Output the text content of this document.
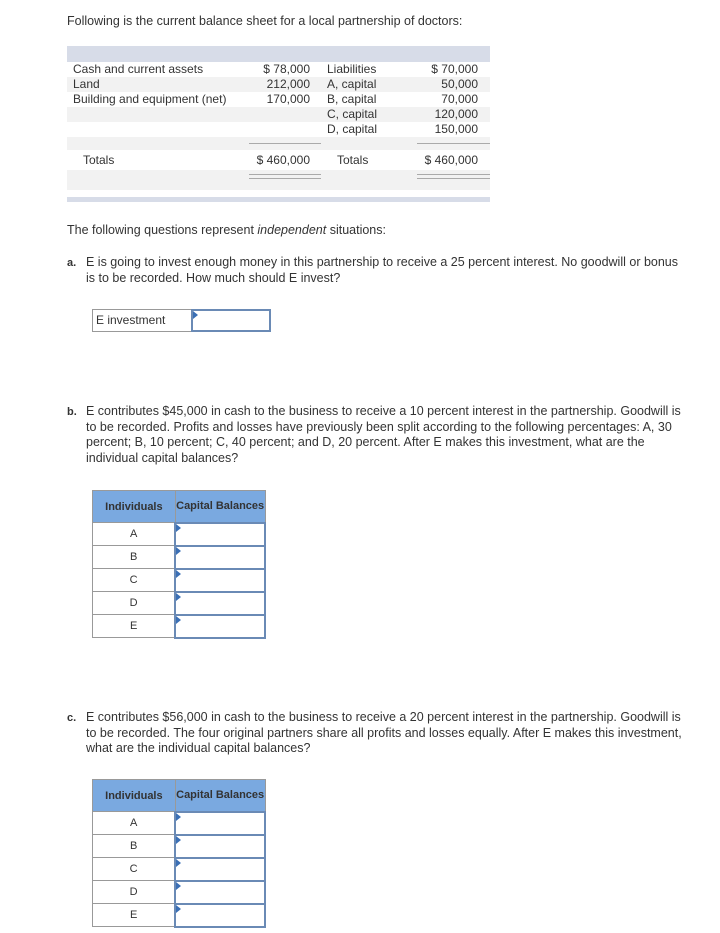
Following is the current balance sheet for a local partnership of doctors:
Cash and current assets	$ 78,000 Liabilities	$ 70,000
Land	212,000 A, capital	50,000
Building and equipment (net)	170,000 B, capital	70,000
C, capital	120,000
D, capital	150,000
Totals	$ 460,000 Totals	$ 460,000
The following questions represent independent situations:
a. E is going to invest enough money in this partnership to receive a 25 percent interest. No goodwill or bonus is to be recorded. How much should E invest?
E investment
b. E contributes $45,000 in cash to the business to receive a 10 percent interest in the partnership. Goodwill is to be recorded. Profits and losses have previously been split according to the following percentages: A, 30 percent; B, 10 percent; C, 40 percent; and D, 20 percent. After E makes this investment, what are the individual capital balances?
Individuals	Capital Balances
A	

B	

C	

D	

E	
c. E contributes $56,000 in cash to the business to receive a 20 percent interest in the partnership. Goodwill is to be recorded. The four original partners share all profits and losses equally. After E makes this investment, what are the individual capital balances?
Individuals	Capital Balances
A	

B	

C	

D	

E	
